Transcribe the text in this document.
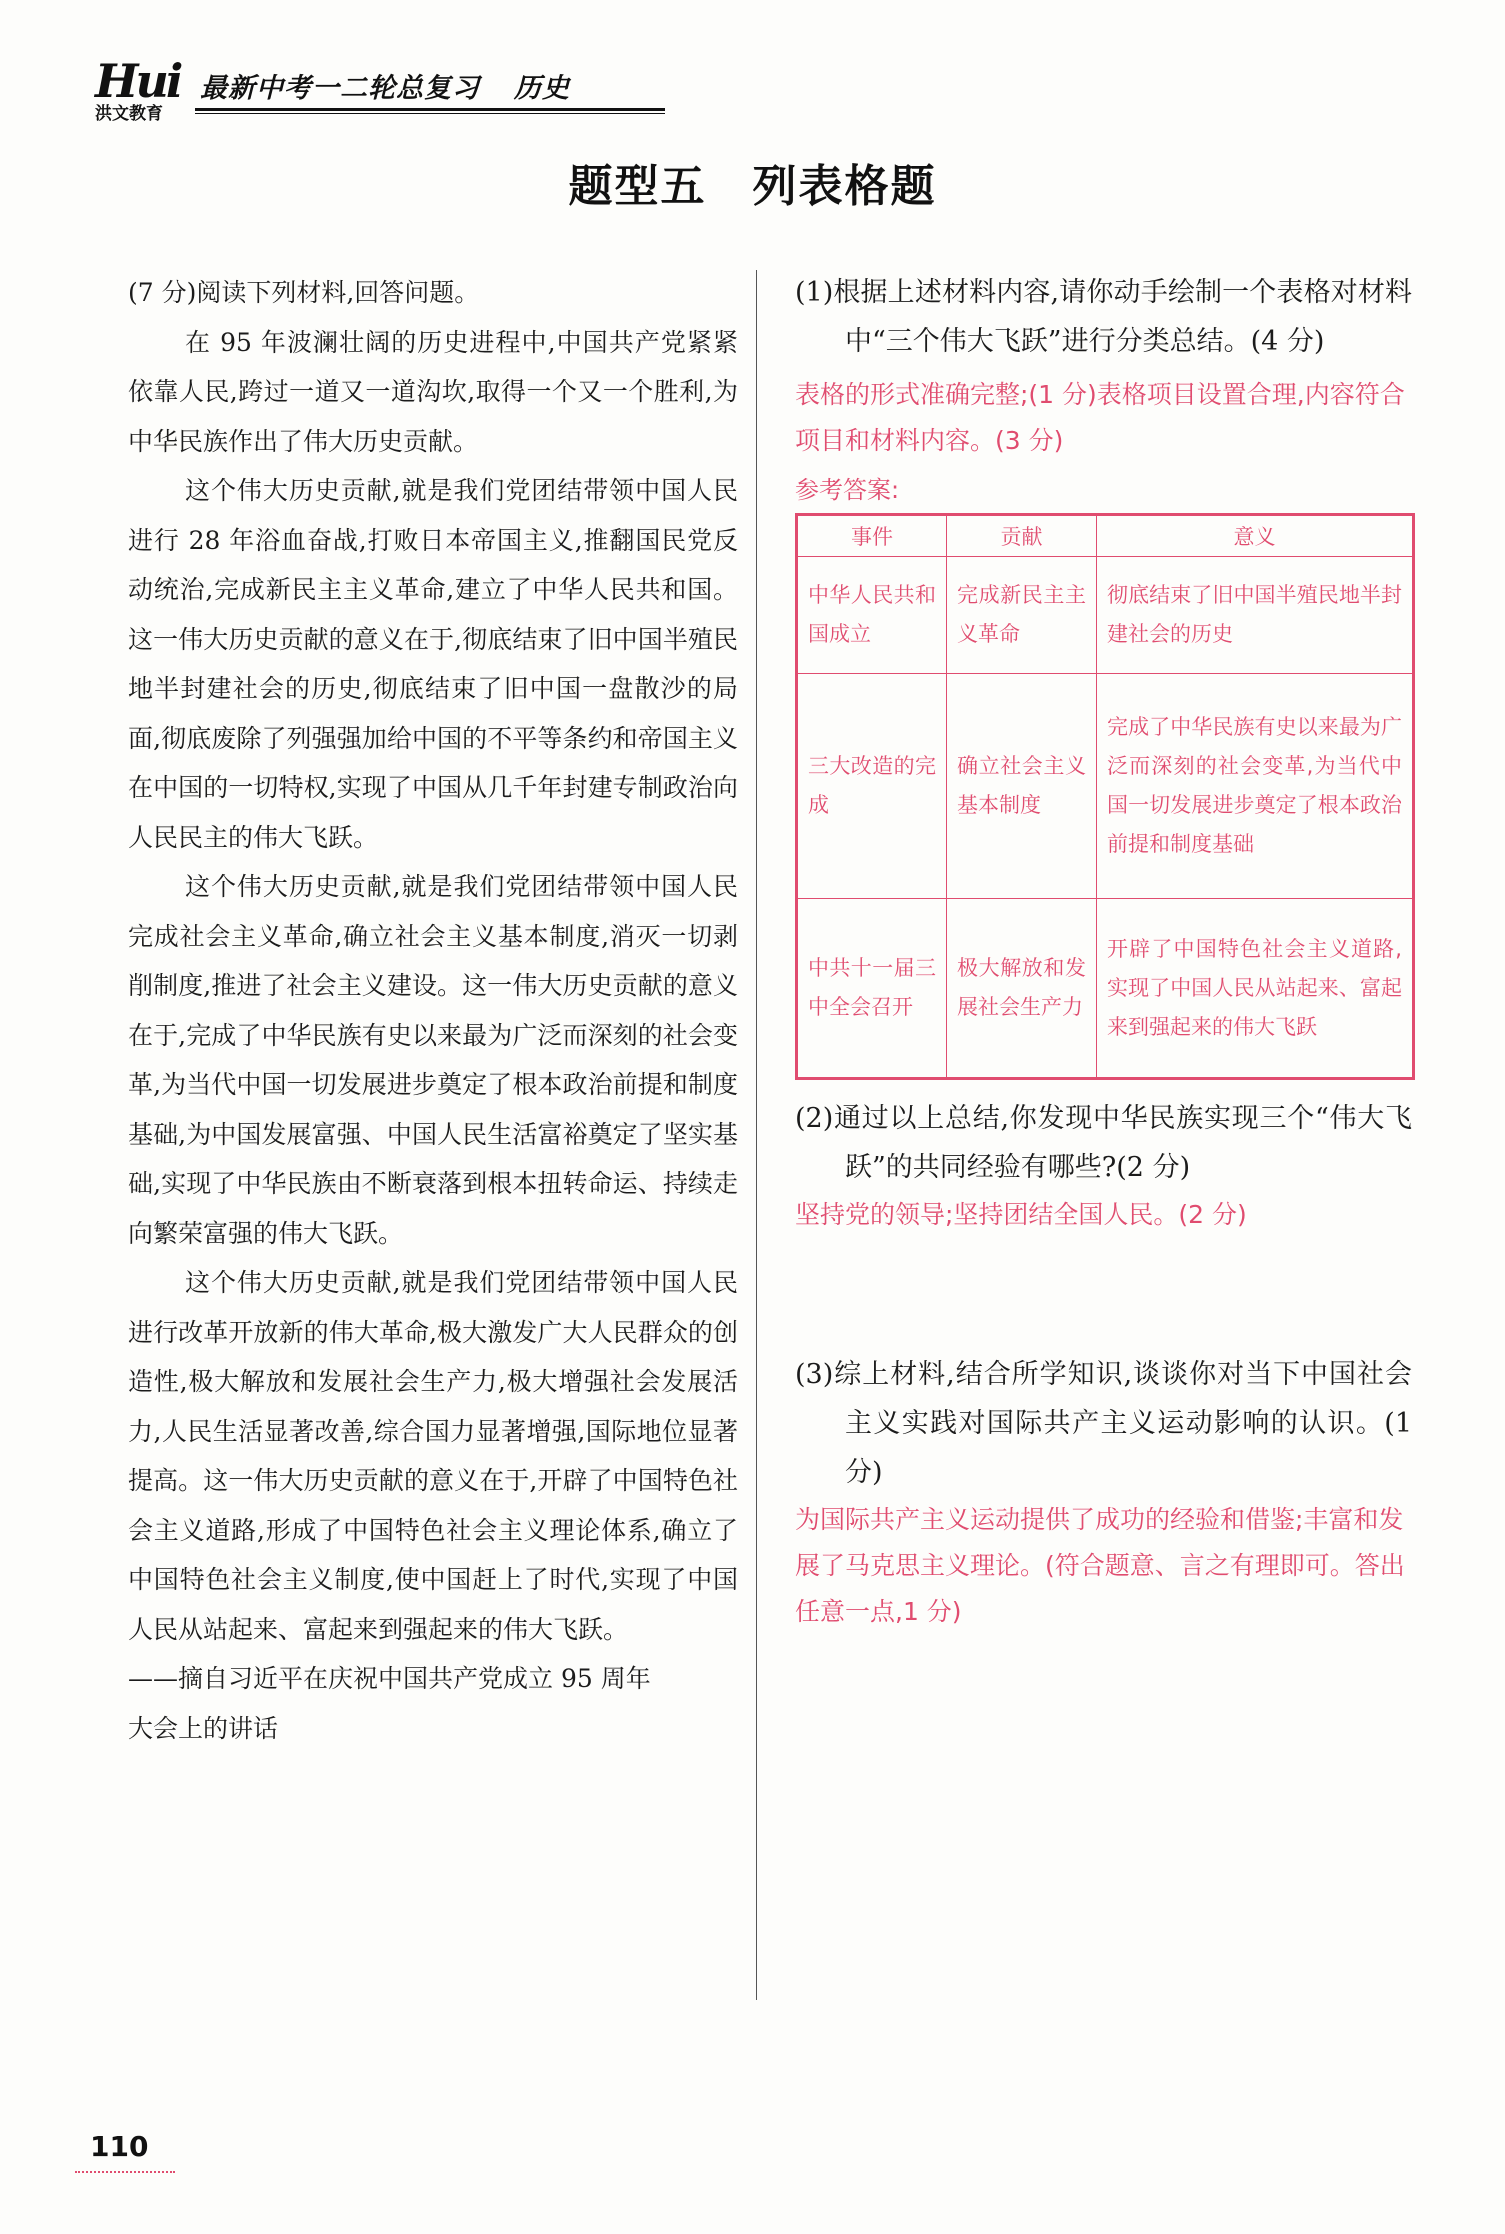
Hui
洪文教育
最新中考一二轮总复习 历史
题型五　列表格题

(7 分)阅读下列材料,回答问题。

在 95 年波澜壮阔的历史进程中,中国共产党紧紧依靠人民,跨过一道又一道沟坎,取得一个又一个胜利,为中华民族作出了伟大历史贡献。

这个伟大历史贡献,就是我们党团结带领中国人民进行 28 年浴血奋战,打败日本帝国主义,推翻国民党反动统治,完成新民主主义革命,建立了中华人民共和国。这一伟大历史贡献的意义在于,彻底结束了旧中国半殖民地半封建社会的历史,彻底结束了旧中国一盘散沙的局面,彻底废除了列强强加给中国的不平等条约和帝国主义在中国的一切特权,实现了中国从几千年封建专制政治向人民民主的伟大飞跃。

这个伟大历史贡献,就是我们党团结带领中国人民完成社会主义革命,确立社会主义基本制度,消灭一切剥削制度,推进了社会主义建设。这一伟大历史贡献的意义在于,完成了中华民族有史以来最为广泛而深刻的社会变革,为当代中国一切发展进步奠定了根本政治前提和制度基础,为中国发展富强、中国人民生活富裕奠定了坚实基础,实现了中华民族由不断衰落到根本扭转命运、持续走向繁荣富强的伟大飞跃。

这个伟大历史贡献,就是我们党团结带领中国人民进行改革开放新的伟大革命,极大激发广大人民群众的创造性,极大解放和发展社会生产力,极大增强社会发展活力,人民生活显著改善,综合国力显著增强,国际地位显著提高。这一伟大历史贡献的意义在于,开辟了中国特色社会主义道路,形成了中国特色社会主义理论体系,确立了中国特色社会主义制度,使中国赶上了时代,实现了中国人民从站起来、富起来到强起来的伟大飞跃。

——摘自习近平在庆祝中国共产党成立 95 周年

大会上的讲话

(1)根据上述材料内容,请你动手绘制一个表格对材料中“三个伟大飞跃”进行分类总结。(4 分)

表格的形式准确完整;(1 分)表格项目设置合理,内容符合项目和材料内容。(3 分)

参考答案:
事件	贡献	意义
中华人民共和国成立	完成新民主主义革命	彻底结束了旧中国半殖民地半封建社会的历史
三大改造的完成	确立社会主义基本制度	完成了中华民族有史以来最为广泛而深刻的社会变革,为当代中国一切发展进步奠定了根本政治前提和制度基础
中共十一届三中全会召开	极大解放和发展社会生产力	开辟了中国特色社会主义道路,实现了中国人民从站起来、富起来到强起来的伟大飞跃

(2)通过以上总结,你发现中华民族实现三个“伟大飞跃”的共同经验有哪些?(2 分)

坚持党的领导;坚持团结全国人民。(2 分)

(3)综上材料,结合所学知识,谈谈你对当下中国社会主义实践对国际共产主义运动影响的认识。(1 分)

为国际共产主义运动提供了成功的经验和借鉴;丰富和发展了马克思主义理论。(符合题意、言之有理即可。答出任意一点,1 分)

110
